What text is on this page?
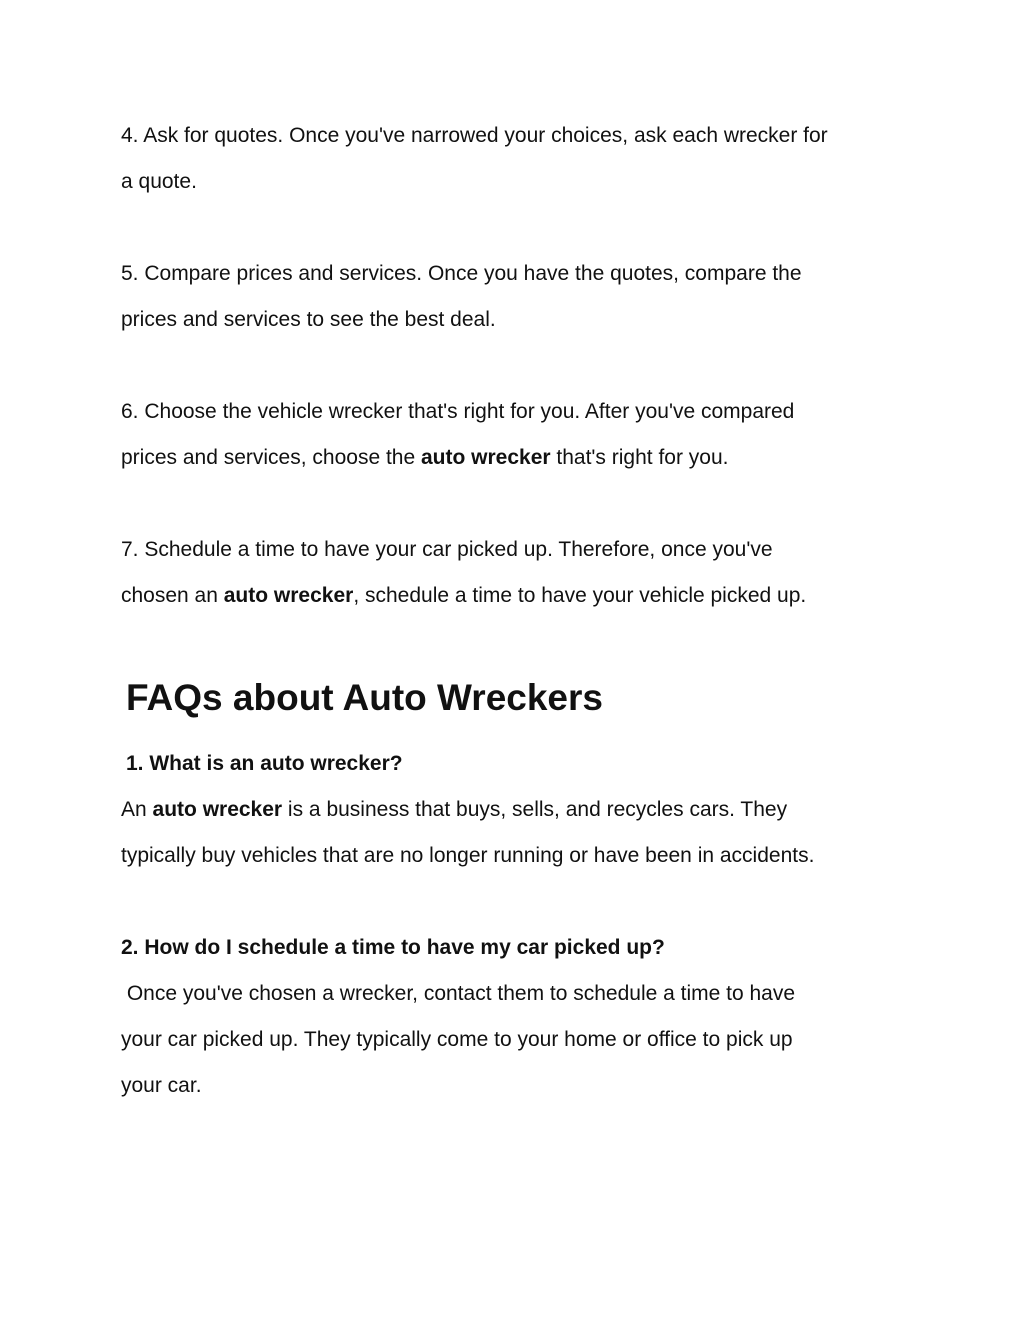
4. Ask for quotes. Once you've narrowed your choices, ask each wrecker for
a quote.
5. Compare prices and services. Once you have the quotes, compare the
prices and services to see the best deal.
6. Choose the vehicle wrecker that's right for you. After you've compared
prices and services, choose the auto wrecker that's right for you.
7. Schedule a time to have your car picked up. Therefore, once you've
chosen an auto wrecker, schedule a time to have your vehicle picked up.
FAQs about Auto Wreckers
1. What is an auto wrecker?
An auto wrecker is a business that buys, sells, and recycles cars. They
typically buy vehicles that are no longer running or have been in accidents.
2. How do I schedule a time to have my car picked up?
Once you've chosen a wrecker, contact them to schedule a time to have
your car picked up. They typically come to your home or office to pick up
your car.
